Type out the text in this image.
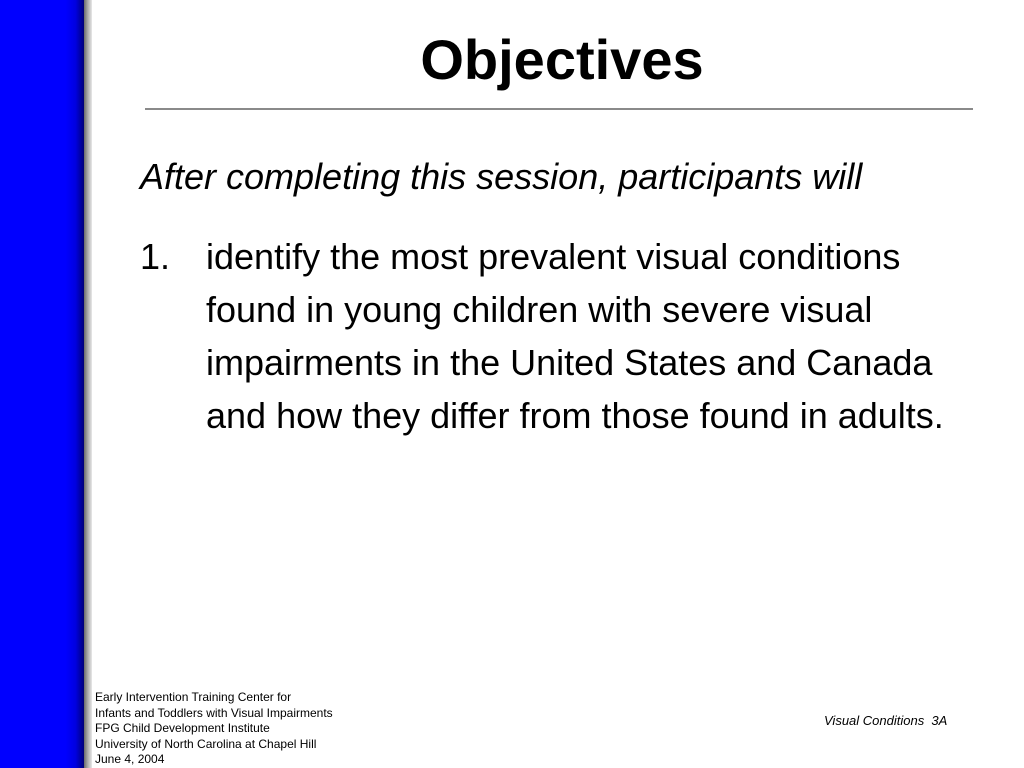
Objectives
After completing this session, participants will
1. identify the most prevalent visual conditions found in young children with severe visual impairments in the United States and Canada and how they differ from those found in adults.
Early Intervention Training Center for
Infants and Toddlers with Visual Impairments
FPG Child Development Institute
University of North Carolina at Chapel Hill
June 4, 2004
Visual Conditions  3A
